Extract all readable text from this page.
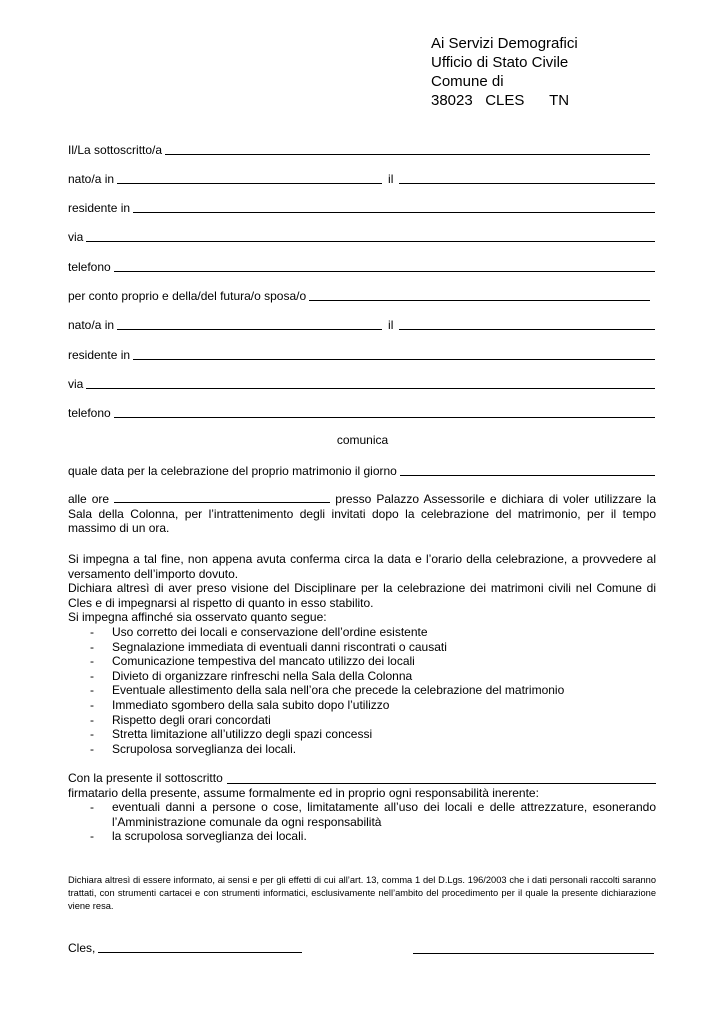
Ai Servizi Demografici
Ufficio di Stato Civile
Comune di
38023   CLES      TN
Il/La sottoscritto/a
nato/a in	il
residente in
via
telefono
per conto proprio e della/del futura/o sposa/o
nato/a in	il
residente in
via
telefono
comunica
quale data per la celebrazione del proprio matrimonio il giorno
alle ore	presso Palazzo Assessorile e dichiara di voler utilizzare la Sala della Colonna, per l’intrattenimento degli invitati dopo la celebrazione del matrimonio, per il tempo massimo di un ora.
Si impegna a tal fine, non appena avuta conferma circa la data e l’orario della celebrazione, a provvedere al versamento dell’importo dovuto.
Dichiara altresì di aver preso visione del Disciplinare per la celebrazione dei matrimoni civili nel Comune di Cles e di impegnarsi al rispetto di quanto in esso stabilito.
Si impegna affinché sia osservato quanto segue:
- Uso corretto dei locali e conservazione dell’ordine esistente
- Segnalazione immediata di eventuali danni riscontrati o causati
- Comunicazione tempestiva del mancato utilizzo dei locali
- Divieto di organizzare rinfreschi nella Sala della Colonna
- Eventuale allestimento della sala nell’ora che precede la celebrazione del matrimonio
- Immediato sgombero della sala subito dopo l’utilizzo
- Rispetto degli orari concordati
- Stretta limitazione all’utilizzo degli spazi concessi
- Scrupolosa sorveglianza dei locali.
Con la presente il sottoscritto
firmatario della presente, assume formalmente ed in proprio ogni responsabilità inerente:
- eventuali danni a persone o cose, limitatamente all’uso dei locali e delle attrezzature, esonerando l’Amministrazione comunale da ogni responsabilità
- la scrupolosa sorveglianza dei locali.
Dichiara altresì di essere informato, ai sensi e per gli effetti di cui all’art. 13, comma 1 del D.Lgs. 196/2003 che i dati personali raccolti saranno trattati, con strumenti cartacei e con strumenti informatici, esclusivamente nell’ambito del procedimento per il quale la presente dichiarazione viene resa.
Cles,
